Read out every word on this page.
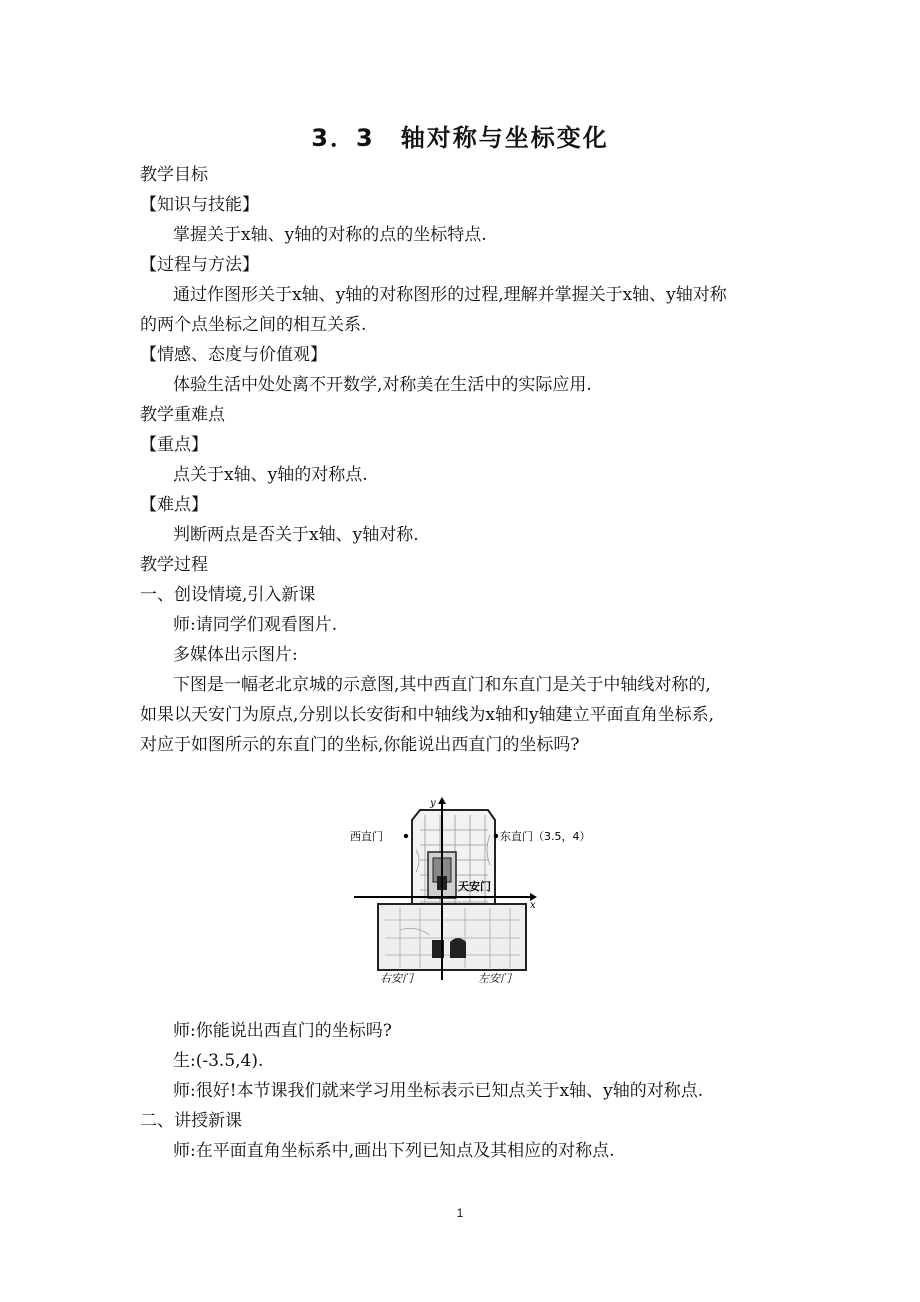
3．3　轴对称与坐标变化
教学目标
【知识与技能】
掌握关于x轴、y轴的对称的点的坐标特点.
【过程与方法】
通过作图形关于x轴、y轴的对称图形的过程,理解并掌握关于x轴、y轴对称
的两个点坐标之间的相互关系.
【情感、态度与价值观】
体验生活中处处离不开数学,对称美在生活中的实际应用.
教学重难点
【重点】
点关于x轴、y轴的对称点.
【难点】
判断两点是否关于x轴、y轴对称.
教学过程
一、创设情境,引入新课
师:请同学们观看图片.
多媒体出示图片:
下图是一幅老北京城的示意图,其中西直门和东直门是关于中轴线对称的,
如果以天安门为原点,分别以长安街和中轴线为x轴和y轴建立平面直角坐标系,
对应于如图所示的东直门的坐标,你能说出西直门的坐标吗?
x
y
西直门	东直门（3.5，4）
天安门
右安门	左安门
师:你能说出西直门的坐标吗?
生:(-3.5,4).
师:很好!本节课我们就来学习用坐标表示已知点关于x轴、y轴的对称点.
二、讲授新课
师:在平面直角坐标系中,画出下列已知点及其相应的对称点.
1
